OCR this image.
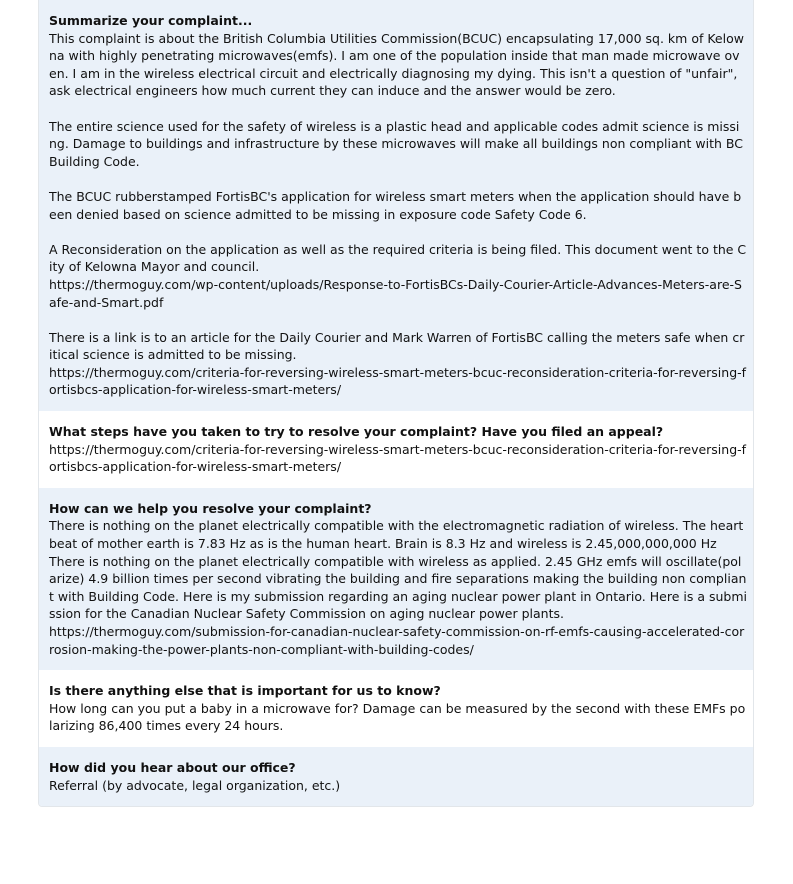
Summarize your complaint...
This complaint is about the British Columbia Utilities Commission(BCUC) encapsulating 17,000 sq. km of Kelowna with highly penetrating microwaves(emfs). I am one of the population inside that man made microwave oven. I am in the wireless electrical circuit and electrically diagnosing my dying. This isn't a question of "unfair", ask electrical engineers how much current they can induce and the answer would be zero.

The entire science used for the safety of wireless is a plastic head and applicable codes admit science is missing. Damage to buildings and infrastructure by these microwaves will make all buildings non compliant with BC Building Code.

The BCUC rubberstamped FortisBC's application for wireless smart meters when the application should have been denied based on science admitted to be missing in exposure code Safety Code 6.

A Reconsideration on the application as well as the required criteria is being filed. This document went to the City of Kelowna Mayor and council.
https://thermoguy.com/wp-content/uploads/Response-to-FortisBCs-Daily-Courier-Article-Advances-Meters-are-Safe-and-Smart.pdf

There is a link is to an article for the Daily Courier and Mark Warren of FortisBC calling the meters safe when critical science is admitted to be missing.
https://thermoguy.com/criteria-for-reversing-wireless-smart-meters-bcuc-reconsideration-criteria-for-reversing-fortisbcs-application-for-wireless-smart-meters/
What steps have you taken to try to resolve your complaint? Have you filed an appeal?
https://thermoguy.com/criteria-for-reversing-wireless-smart-meters-bcuc-reconsideration-criteria-for-reversing-fortisbcs-application-for-wireless-smart-meters/
How can we help you resolve your complaint?
There is nothing on the planet electrically compatible with the electromagnetic radiation of wireless. The heartbeat of mother earth is 7.83 Hz as is the human heart. Brain is 8.3 Hz and wireless is 2.45,000,000,000 Hz
There is nothing on the planet electrically compatible with wireless as applied. 2.45 GHz emfs will oscillate(polarize) 4.9 billion times per second vibrating the building and fire separations making the building non compliant with Building Code. Here is my submission regarding an aging nuclear power plant in Ontario. Here is a submission for the Canadian Nuclear Safety Commission on aging nuclear power plants.
https://thermoguy.com/submission-for-canadian-nuclear-safety-commission-on-rf-emfs-causing-accelerated-corrosion-making-the-power-plants-non-compliant-with-building-codes/
Is there anything else that is important for us to know?
How long can you put a baby in a microwave for? Damage can be measured by the second with these EMFs polarizing 86,400 times every 24 hours.
How did you hear about our office?
Referral (by advocate, legal organization, etc.)
